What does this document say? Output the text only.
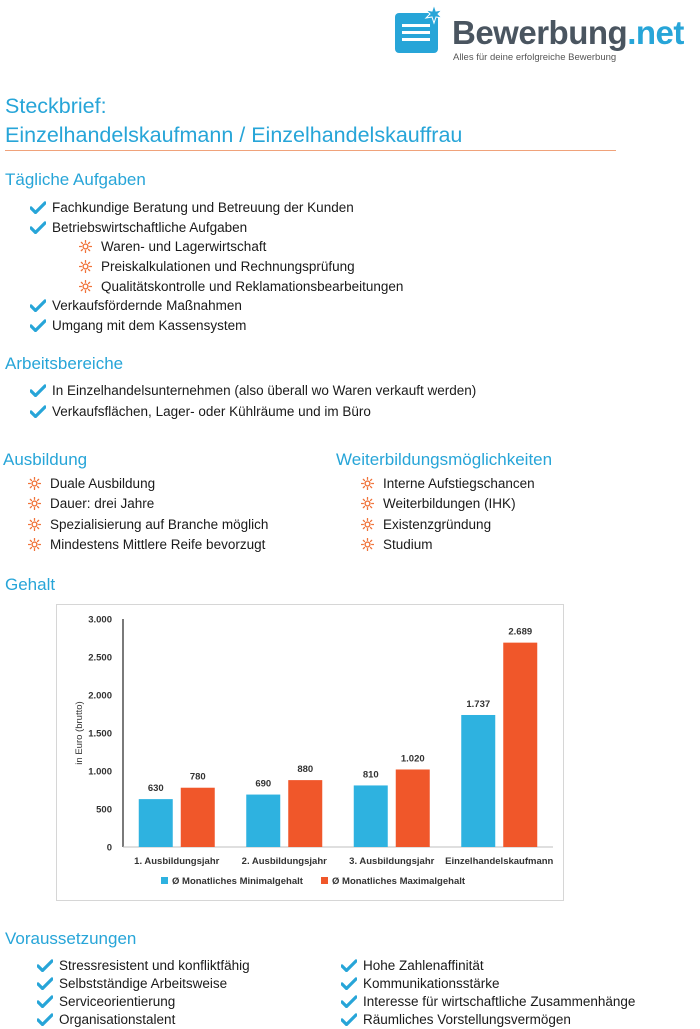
Bewerbung.net
Alles für deine erfolgreiche Bewerbung
Steckbrief:
Einzelhandelskaufmann / Einzelhandelskauffrau
Tägliche Aufgaben
Fachkundige Beratung und Betreuung der Kunden
Betriebswirtschaftliche Aufgaben
Waren- und Lagerwirtschaft
Preiskalkulationen und Rechnungsprüfung
Qualitätskontrolle und Reklamationsbearbeitungen
Verkaufsfördernde Maßnahmen
Umgang mit dem Kassensystem
Arbeitsbereiche
In Einzelhandelsunternehmen (also überall wo Waren verkauft werden)
Verkaufsflächen, Lager- oder Kühlräume und im Büro
Ausbildung
Duale Ausbildung
Dauer: drei Jahre
Spezialisierung auf Branche möglich
Mindestens Mittlere Reife bevorzugt
Weiterbildungsmöglichkeiten
Interne Aufstiegschancen
Weiterbildungen (IHK)
Existenzgründung
Studium
Gehalt
0
500
1.000
1.500
2.000
2.500
3.000
in Euro (brutto)
630
780
1. Ausbildungsjahr
690
880
2. Ausbildungsjahr
810
1.020
3. Ausbildungsjahr
1.737
2.689
Einzelhandelskaufmann
Ø Monatliches Minimalgehalt	Ø Monatliches Maximalgehalt
Voraussetzungen
Stressresistent und konfliktfähig
Selbstständige Arbeitsweise
Serviceorientierung
Organisationstalent
Hohe Zahlenaffinität
Kommunikationsstärke
Interesse für wirtschaftliche Zusammenhänge
Räumliches Vorstellungsvermögen
